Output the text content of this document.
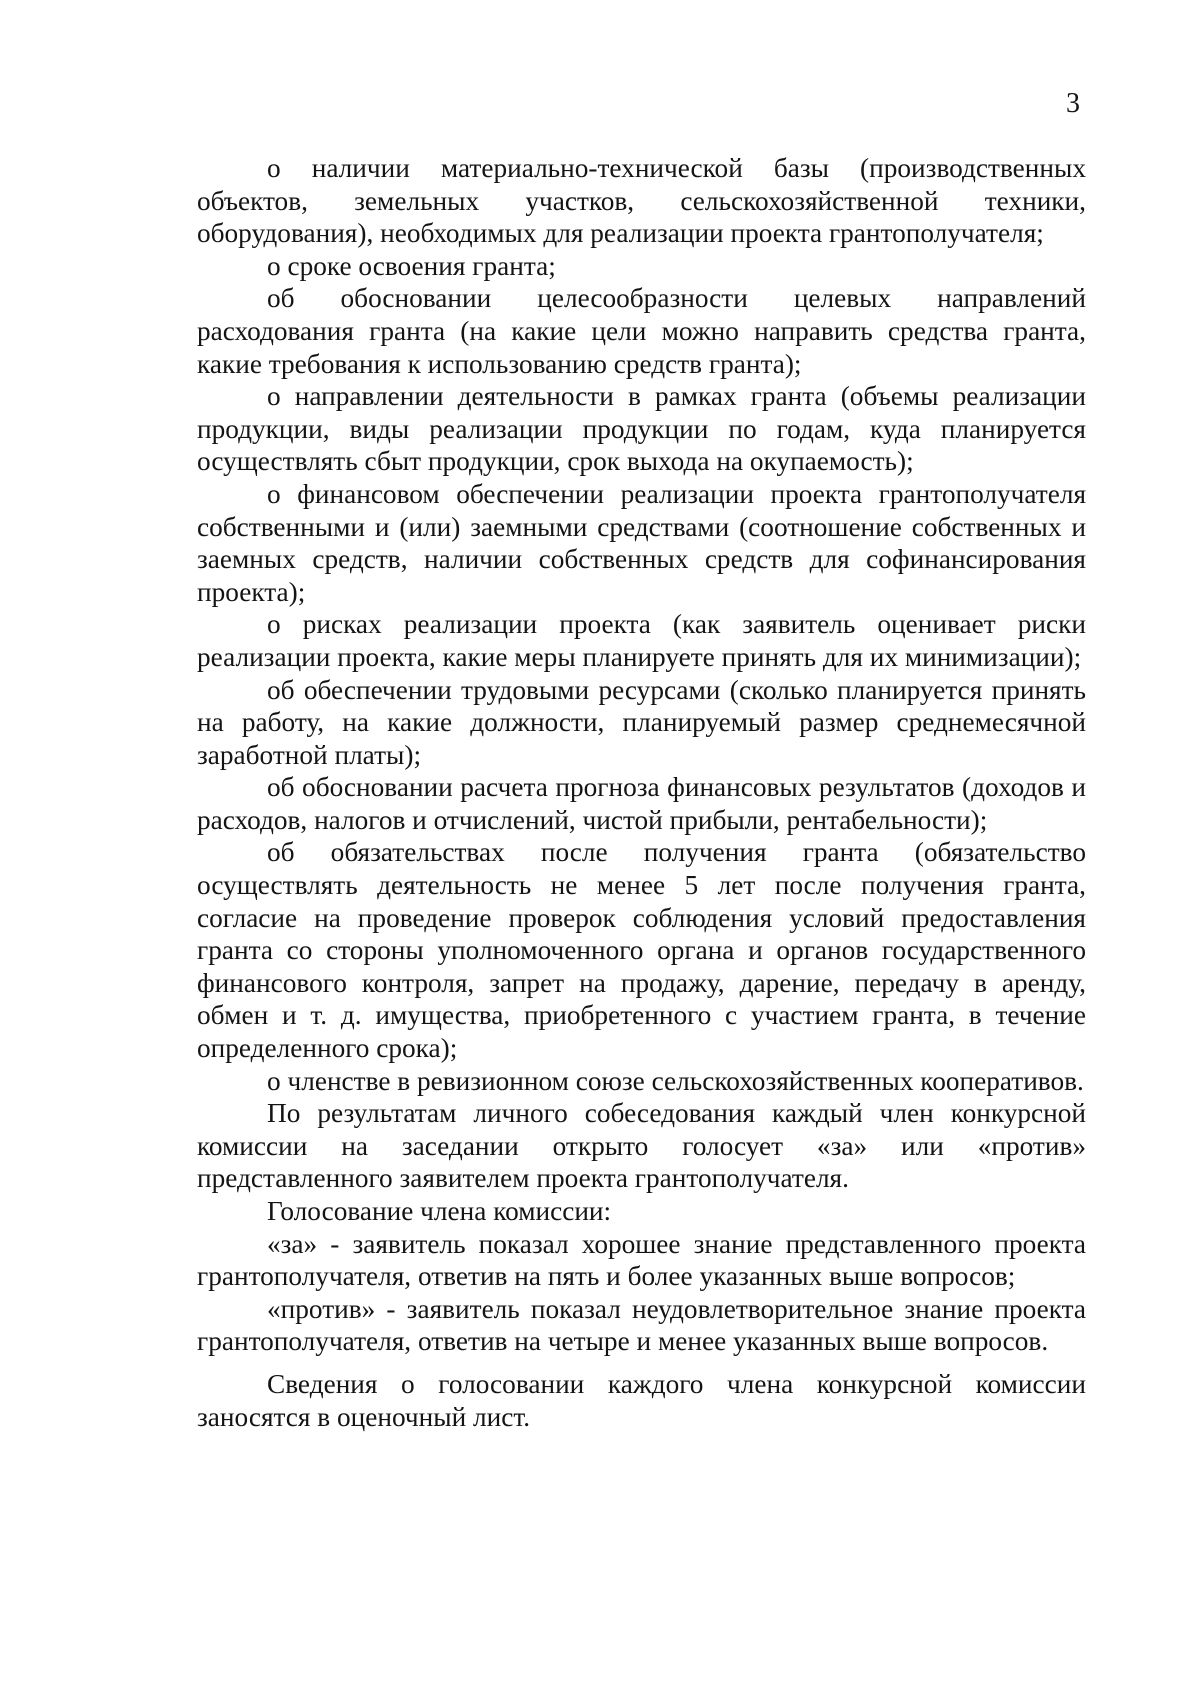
3

о наличии материально-технической базы (производственных объектов, земельных участков, сельскохозяйственной техники, оборудования), необходимых для реализации проекта грантополучателя;

о сроке освоения гранта;

об обосновании целесообразности целевых направлений расходования гранта (на какие цели можно направить средства гранта, какие требования к использованию средств гранта);

о направлении деятельности в рамках гранта (объемы реализации продукции, виды реализации продукции по годам, куда планируется осуществлять сбыт продукции, срок выхода на окупаемость);

о финансовом обеспечении реализации проекта грантополучателя собственными и (или) заемными средствами (соотношение собственных и заемных средств, наличии собственных средств для софинансирования проекта);

о рисках реализации проекта (как заявитель оценивает риски реализации проекта, какие меры планируете принять для их минимизации);

об обеспечении трудовыми ресурсами (сколько планируется принять на работу, на какие должности, планируемый размер среднемесячной заработной платы);

об обосновании расчета прогноза финансовых результатов (доходов и расходов, налогов и отчислений, чистой прибыли, рентабельности);

об обязательствах после получения гранта (обязательство осуществлять деятельность не менее 5 лет после получения гранта, согласие на проведение проверок соблюдения условий предоставления гранта со стороны уполномоченного органа и органов государственного финансового контроля, запрет на продажу, дарение, передачу в аренду, обмен и т. д. имущества, приобретенного с участием гранта, в течение определенного срока);

о членстве в ревизионном союзе сельскохозяйственных кооперативов.

По результатам личного собеседования каждый член конкурсной комиссии на заседании открыто голосует «за» или «против» представленного заявителем проекта грантополучателя.

Голосование члена комиссии:

«за» - заявитель показал хорошее знание представленного проекта грантополучателя, ответив на пять и более указанных выше вопросов;

«против» - заявитель показал неудовлетворительное знание проекта грантополучателя, ответив на четыре и менее указанных выше вопросов.

Сведения о голосовании каждого члена конкурсной комиссии заносятся в оценочный лист.
